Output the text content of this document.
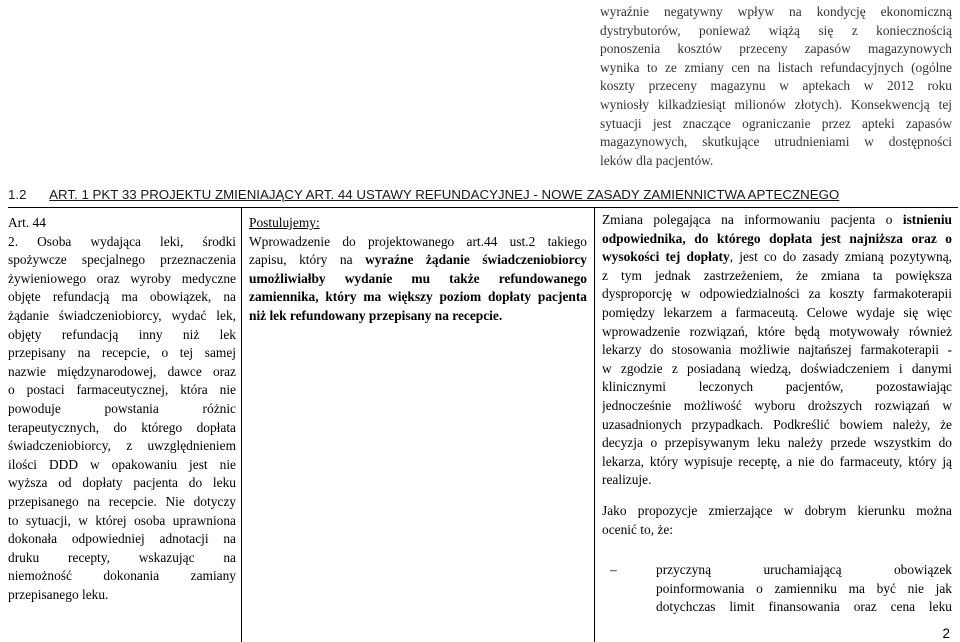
wyraźnie negatywny wpływ na kondycję ekonomiczną
dystrybutorów, ponieważ wiążą się z koniecznością
ponoszenia kosztów przeceny zapasów magazynowych
wynika to ze zmiany cen na listach refundacyjnych (ogólne
koszty przeceny magazynu w aptekach w 2012 roku
wyniosły kilkadziesiąt milionów złotych). Konsekwencją tej
sytuacji jest znaczące ograniczanie przez apteki zapasów
magazynowych, skutkujące utrudnieniami w dostępności
leków dla pacjentów.
1.2 ART. 1 PKT 33 PROJEKTU ZMIENIAJĄCY ART. 44 USTAWY REFUNDACYJNEJ - NOWE ZASADY ZAMIENNICTWA APTECZNEGO
Art. 44
2. Osoba wydająca leki, środki
spożywcze specjalnego przeznaczenia
żywieniowego oraz wyroby medyczne
objęte refundacją ma obowiązek, na
żądanie świadczeniobiorcy, wydać lek,
objęty refundacją inny niż lek
przepisany na recepcie, o tej samej
nazwie międzynarodowej, dawce oraz
o postaci farmaceutycznej, która nie
powoduje powstania różnic
terapeutycznych, do którego dopłata
świadczeniobiorcy, z uwzględnieniem
ilości DDD w opakowaniu jest nie
wyższa od dopłaty pacjenta do leku
przepisanego na recepcie. Nie dotyczy
to sytuacji, w której osoba uprawniona
dokonała odpowiedniej adnotacji na
druku recepty, wskazując na
niemożność dokonania zamiany
przepisanego leku.
Postulujemy:
Wprowadzenie do projektowanego art.44 ust.2 takiego
zapisu, który na wyraźne żądanie świadczeniobiorcy
umożliwiałby wydanie mu także refundowanego
zamiennika, który ma większy poziom dopłaty pacjenta
niż lek refundowany przepisany na recepcie.
Zmiana polegająca na informowaniu pacjenta o istnieniu
odpowiednika, do którego dopłata jest najniższa oraz o
wysokości tej dopłaty, jest co do zasady zmianą pozytywną,
z tym jednak zastrzeżeniem, że zmiana ta powiększa
dysproporcję w odpowiedzialności za koszty farmakoterapii
pomiędzy lekarzem a farmaceutą. Celowe wydaje się więc
wprowadzenie rozwiązań, które będą motywowały również
lekarzy do stosowania możliwie najtańszej farmakoterapii -
w zgodzie z posiadaną wiedzą, doświadczeniem i danymi
klinicznymi leczonych pacjentów, pozostawiając
jednocześnie możliwość wyboru droższych rozwiązań w
uzasadnionych przypadkach. Podkreślić bowiem należy, że
decyzja o przepisywanym leku należy przede wszystkim do
lekarza, który wypisuje receptę, a nie do farmaceuty, który ją
realizuje.
Jako propozycje zmierzające w dobrym kierunku można
ocenić to, że:
–	przyczyną uruchamiającą obowiązek
poinformowania o zamienniku ma być nie jak
dotychczas limit finansowania oraz cena leku
2
